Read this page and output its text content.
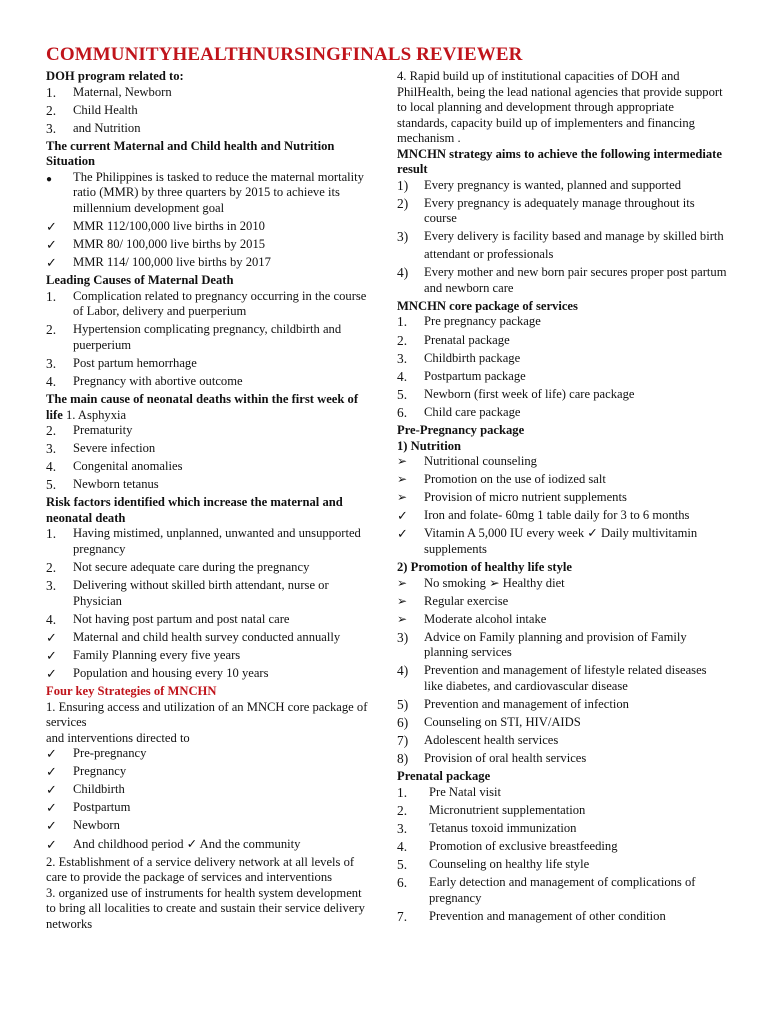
COMMUNITYHEALTHNURSINGFINALS REVIEWER
DOH program related to:
1.	Maternal, Newborn
2.	Child Health
3.	and Nutrition
The current Maternal and Child health and Nutrition Situation
●	The Philippines is tasked to reduce the maternal mortality ratio (MMR) by three quarters by 2015 to achieve its millennium development goal
✓	MMR 112/100,000 live births in 2010
✓	MMR 80/ 100,000 live births by 2015
✓	MMR 114/ 100,000 live births by 2017
Leading Causes of Maternal Death
1.	Complication related to pregnancy occurring in the course of Labor, delivery and puerperium
2.	Hypertension complicating pregnancy, childbirth and puerperium
3.	Post partum hemorrhage
4.	Pregnancy with abortive outcome
The main cause of neonatal deaths within the first week of life 1. Asphyxia
2.	Prematurity
3.	Severe infection
4.	Congenital anomalies
5.	Newborn tetanus
Risk factors identified which increase the maternal and neonatal death
1.	Having mistimed, unplanned, unwanted and unsupported pregnancy
2.	Not secure adequate care during the pregnancy
3.	Delivering without skilled birth attendant, nurse or Physician
4.	Not having post partum and post natal care
✓	Maternal and child health survey conducted annually
✓	Family Planning every five years
✓	Population and housing every 10 years
Four key Strategies of MNCHN
1. Ensuring access and utilization of an MNCH core package of services
and interventions directed to
✓	Pre-pregnancy
✓	Pregnancy
✓	Childbirth
✓	Postpartum
✓	Newborn
✓	And childhood period ✓ And the community
2. Establishment of a service delivery network at all levels of care to provide the package of services and interventions
3. organized use of instruments for health system development to bring all localities to create and sustain their service delivery networks
4. Rapid build up of institutional capacities of DOH and PhilHealth, being the lead national agencies that provide support to local planning and development through appropriate standards, capacity build up of implementers and financing mechanism .
MNCHN strategy aims to achieve the following intermediate result
1)	Every pregnancy is wanted, planned and supported
2)	Every pregnancy is adequately manage throughout its course
3)	Every delivery is facility based and manage by skilled birth
attendant or professionals
4)	Every mother and new born pair secures proper post partum and newborn care
MNCHN core package of services
1.	Pre pregnancy package
2.	Prenatal package
3.	Childbirth package
4.	Postpartum package
5.	Newborn (first week of life) care package
6.	Child care package
Pre-Pregnancy package
1) Nutrition
➢	Nutritional counseling
➢	Promotion on the use of iodized salt
➢	Provision of micro nutrient supplements
✓	Iron and folate- 60mg 1 table daily for 3 to 6 months
✓	Vitamin A 5,000 IU every week ✓ Daily multivitamin supplements
2) Promotion of healthy life style
➢	No smoking ➢ Healthy diet
➢	Regular exercise
➢	Moderate alcohol intake
3)	Advice on Family planning and provision of Family planning services
4)	Prevention and management of lifestyle related diseases like diabetes, and cardiovascular disease
5)	Prevention and management of infection
6)	Counseling on STI, HIV/AIDS
7)	Adolescent health services
8)	Provision of oral health services
Prenatal package
1.	Pre Natal visit
2.	Micronutrient supplementation
3.	Tetanus toxoid immunization
4.	Promotion of exclusive breastfeeding
5.	Counseling on healthy life style
6.	Early detection and management of complications of pregnancy
7.	Prevention and management of other condition
